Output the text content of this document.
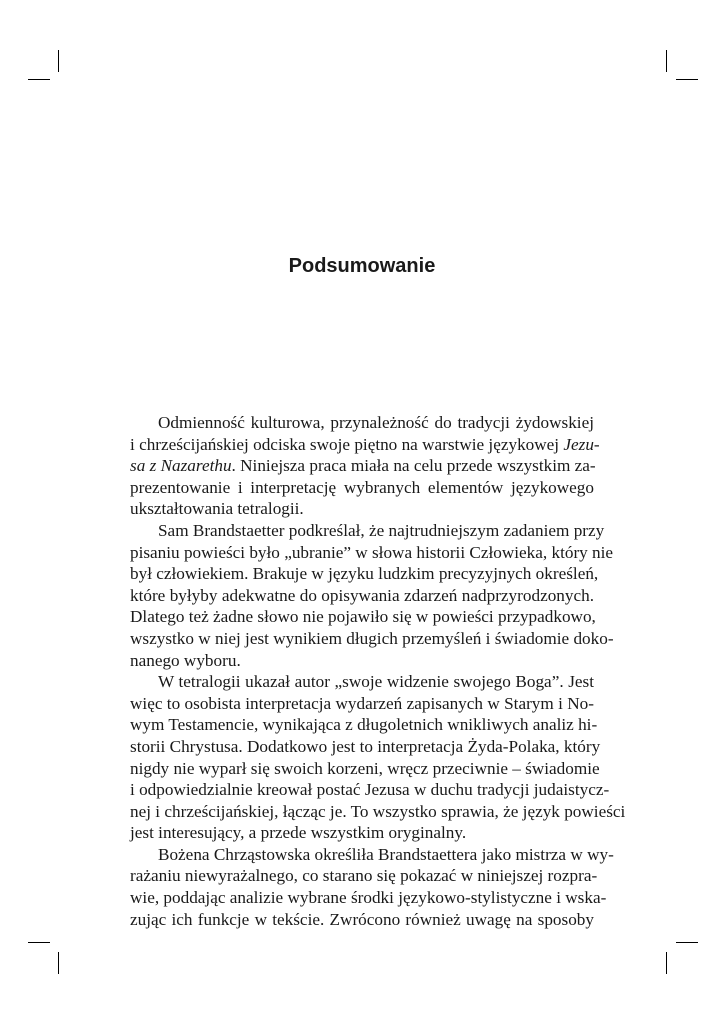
Podsumowanie
Odmienność kulturowa, przynależność do tradycji żydowskiej
i chrześcijańskiej odciska swoje piętno na warstwie językowej Jezu-
sa z Nazarethu. Niniejsza praca miała na celu przede wszystkim za-
prezentowanie i interpretację wybranych elementów językowego
ukształtowania tetralogii.
Sam Brandstaetter podkreślał, że najtrudniejszym zadaniem przy
pisaniu powieści było „ubranie” w słowa historii Człowieka, który nie
był człowiekiem. Brakuje w języku ludzkim precyzyjnych określeń,
które byłyby adekwatne do opisywania zdarzeń nadprzyrodzonych.
Dlatego też żadne słowo nie pojawiło się w powieści przypadkowo,
wszystko w niej jest wynikiem długich przemyśleń i świadomie doko-
nanego wyboru.
W tetralogii ukazał autor „swoje widzenie swojego Boga”. Jest
więc to osobista interpretacja wydarzeń zapisanych w Starym i No-
wym Testamencie, wynikająca z długoletnich wnikliwych analiz hi-
storii Chrystusa. Dodatkowo jest to interpretacja Żyda-Polaka, który
nigdy nie wyparł się swoich korzeni, wręcz przeciwnie – świadomie
i odpowiedzialnie kreował postać Jezusa w duchu tradycji judaistycz-
nej i chrześcijańskiej, łącząc je. To wszystko sprawia, że język powieści
jest interesujący, a przede wszystkim oryginalny.
Bożena Chrząstowska określiła Brandstaettera jako mistrza w wy-
rażaniu niewyrażalnego, co starano się pokazać w niniejszej rozpra-
wie, poddając analizie wybrane środki językowo-stylistyczne i wska-
zując ich funkcje w tekście. Zwrócono również uwagę na sposoby
